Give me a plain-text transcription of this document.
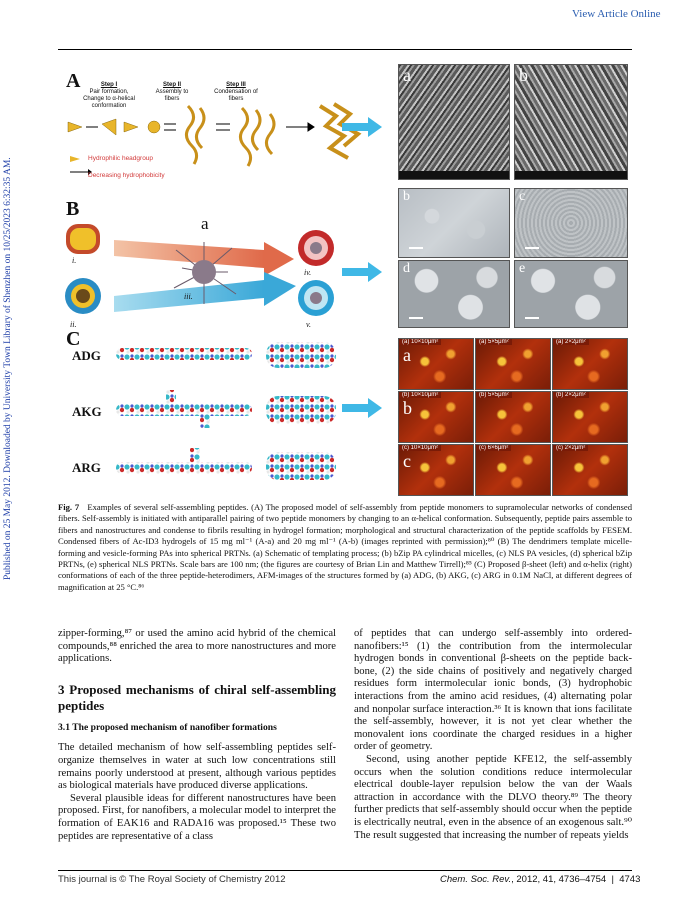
View Article Online
Published on 25 May 2012. Downloaded by University Town Library of Shenzhen on 10/25/2023 6:32:35 AM.
A	Step I
Pair formation, Change to α-helical conformation
Step II
Assembly to fibers
Step III
Condensation of fibers
Hydrophilic headgroup
Decreasing hydrophobicity
a	b
B
a
i.
ii.
iii.
iv.
v.
b	c
d	e
C
ADG
AKG
ARG
(a) 10×10μm²
a
(a) 5×5μm²	(a) 2×2μm²
(b) 10×10μm²
b
(b) 5×5μm²	(b) 2×2μm²
(c) 10×10μm²
c
(c) 6×6μm²	(c) 2×2μm²
Fig. 7 Examples of several self-assembling peptides. (A) The proposed model of self-assembly from peptide monomers to supramolecular networks of condensed fibers. Self-assembly is initiated with antiparallel pairing of two peptide monomers by changing to an α-helical conformation. Subsequently, peptide pairs assemble to fibers and nanostructures and condense to fibrils resulting in hydrogel formation; morphological and structural characterization of the peptide scaffolds by FESEM. Condensed fibers of Ac-ID3 hydrogels of 15 mg ml⁻¹ (A-a) and 20 mg ml⁻¹ (A-b) (images reprinted with permission);⁸⁰ (B) The dendrimers template micelle-forming and vesicle-forming PAs into spherical PRTNs. (a) Schematic of templating process; (b) bZip PA cylindrical micelles, (c) NLS PA vesicles, (d) spherical bZip PRTNs, (e) spherical NLS PRTNs. Scale bars are 100 nm; (the figures are courtesy of Brian Lin and Matthew Tirrell);⁸⁵ (C) Proposed β-sheet (left) and α-helix (right) conformations of each of the three peptide-heterodimers, AFM-images of the structures formed by (a) ADG, (b) AKG, (c) ARG in 0.1M NaCl, at different degrees of magnification at 25 °C.⁸⁶

zipper-forming,⁸⁷ or used the amino acid hybrid of the chemical compounds,⁸⁸ enriched the area to more nanostructures and more applications.

3 Proposed mechanisms of chiral self-assembling peptides
3.1 The proposed mechanism of nanofiber formations

The detailed mechanism of how self-assembling peptides self-organize themselves in water at such low concentrations still remains poorly understood at present, although various peptides as biological materials have produced diverse applications.

Several plausible ideas for different nanostructures have been proposed. First, for nanofibers, a molecular model to interpret the formation of EAK16 and RADA16 was proposed.¹⁵ These two peptides are representative of a class

of peptides that can undergo self-assembly into ordered-nanofibers:¹⁵ (1) the contribution from the intermolecular hydrogen bonds in conventional β-sheets on the peptide back-bone, (2) the side chains of positively and negatively charged residues form intermolecular ionic bonds, (3) hydrophobic interactions from the amino acid residues, (4) alternating polar and nonpolar surface interaction.³⁶ It is known that ions facilitate the self-assembly, however, it is not yet clear whether the monovalent ions coordinate the charged residues in a higher order of geometry.

Second, using another peptide KFE12, the self-assembly occurs when the solution conditions reduce intermolecular electrical double-layer repulsion below the van der Waals attraction in accordance with the DLVO theory.⁸⁹ The theory further predicts that self-assembly should occur when the peptide is electrically neutral, even in the absence of an exogenous salt.⁹⁰ The result suggested that increasing the number of repeats yields

This journal is © The Royal Society of Chemistry 2012	Chem. Soc. Rev., 2012, 41, 4736–4754  |  4743
